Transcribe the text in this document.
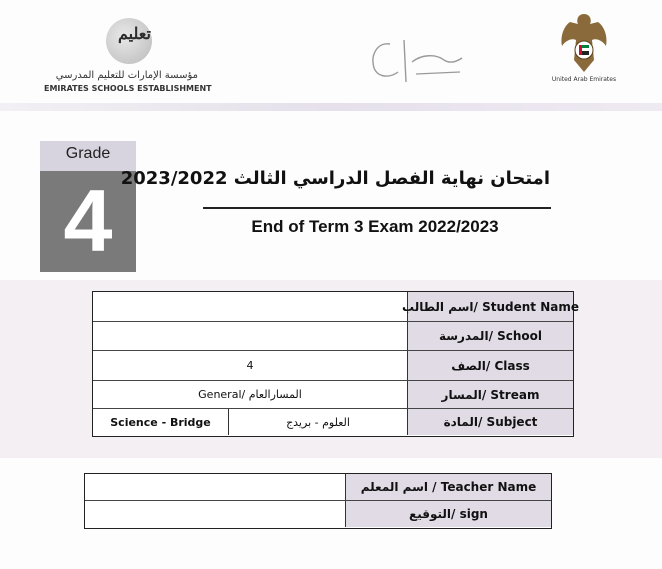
تعليم
مؤسسة الإمارات للتعليم المدرسي
EMIRATES SCHOOLS ESTABLISHMENT
United Arab Emirates
Grade
4 امتحان نهاية الفصل الدراسي الثالث 2023/2022
End of Term 3 Exam 2022/2023
اسم الطالب/ Student Name
المدرسة/ School
4	الصف/ Class
General/ المسارالعام	المسار/ Stream
Science - Bridge	العلوم - بريدج	المادة/ Subject
اسم المعلم / Teacher Name
التوقيع/ sign
